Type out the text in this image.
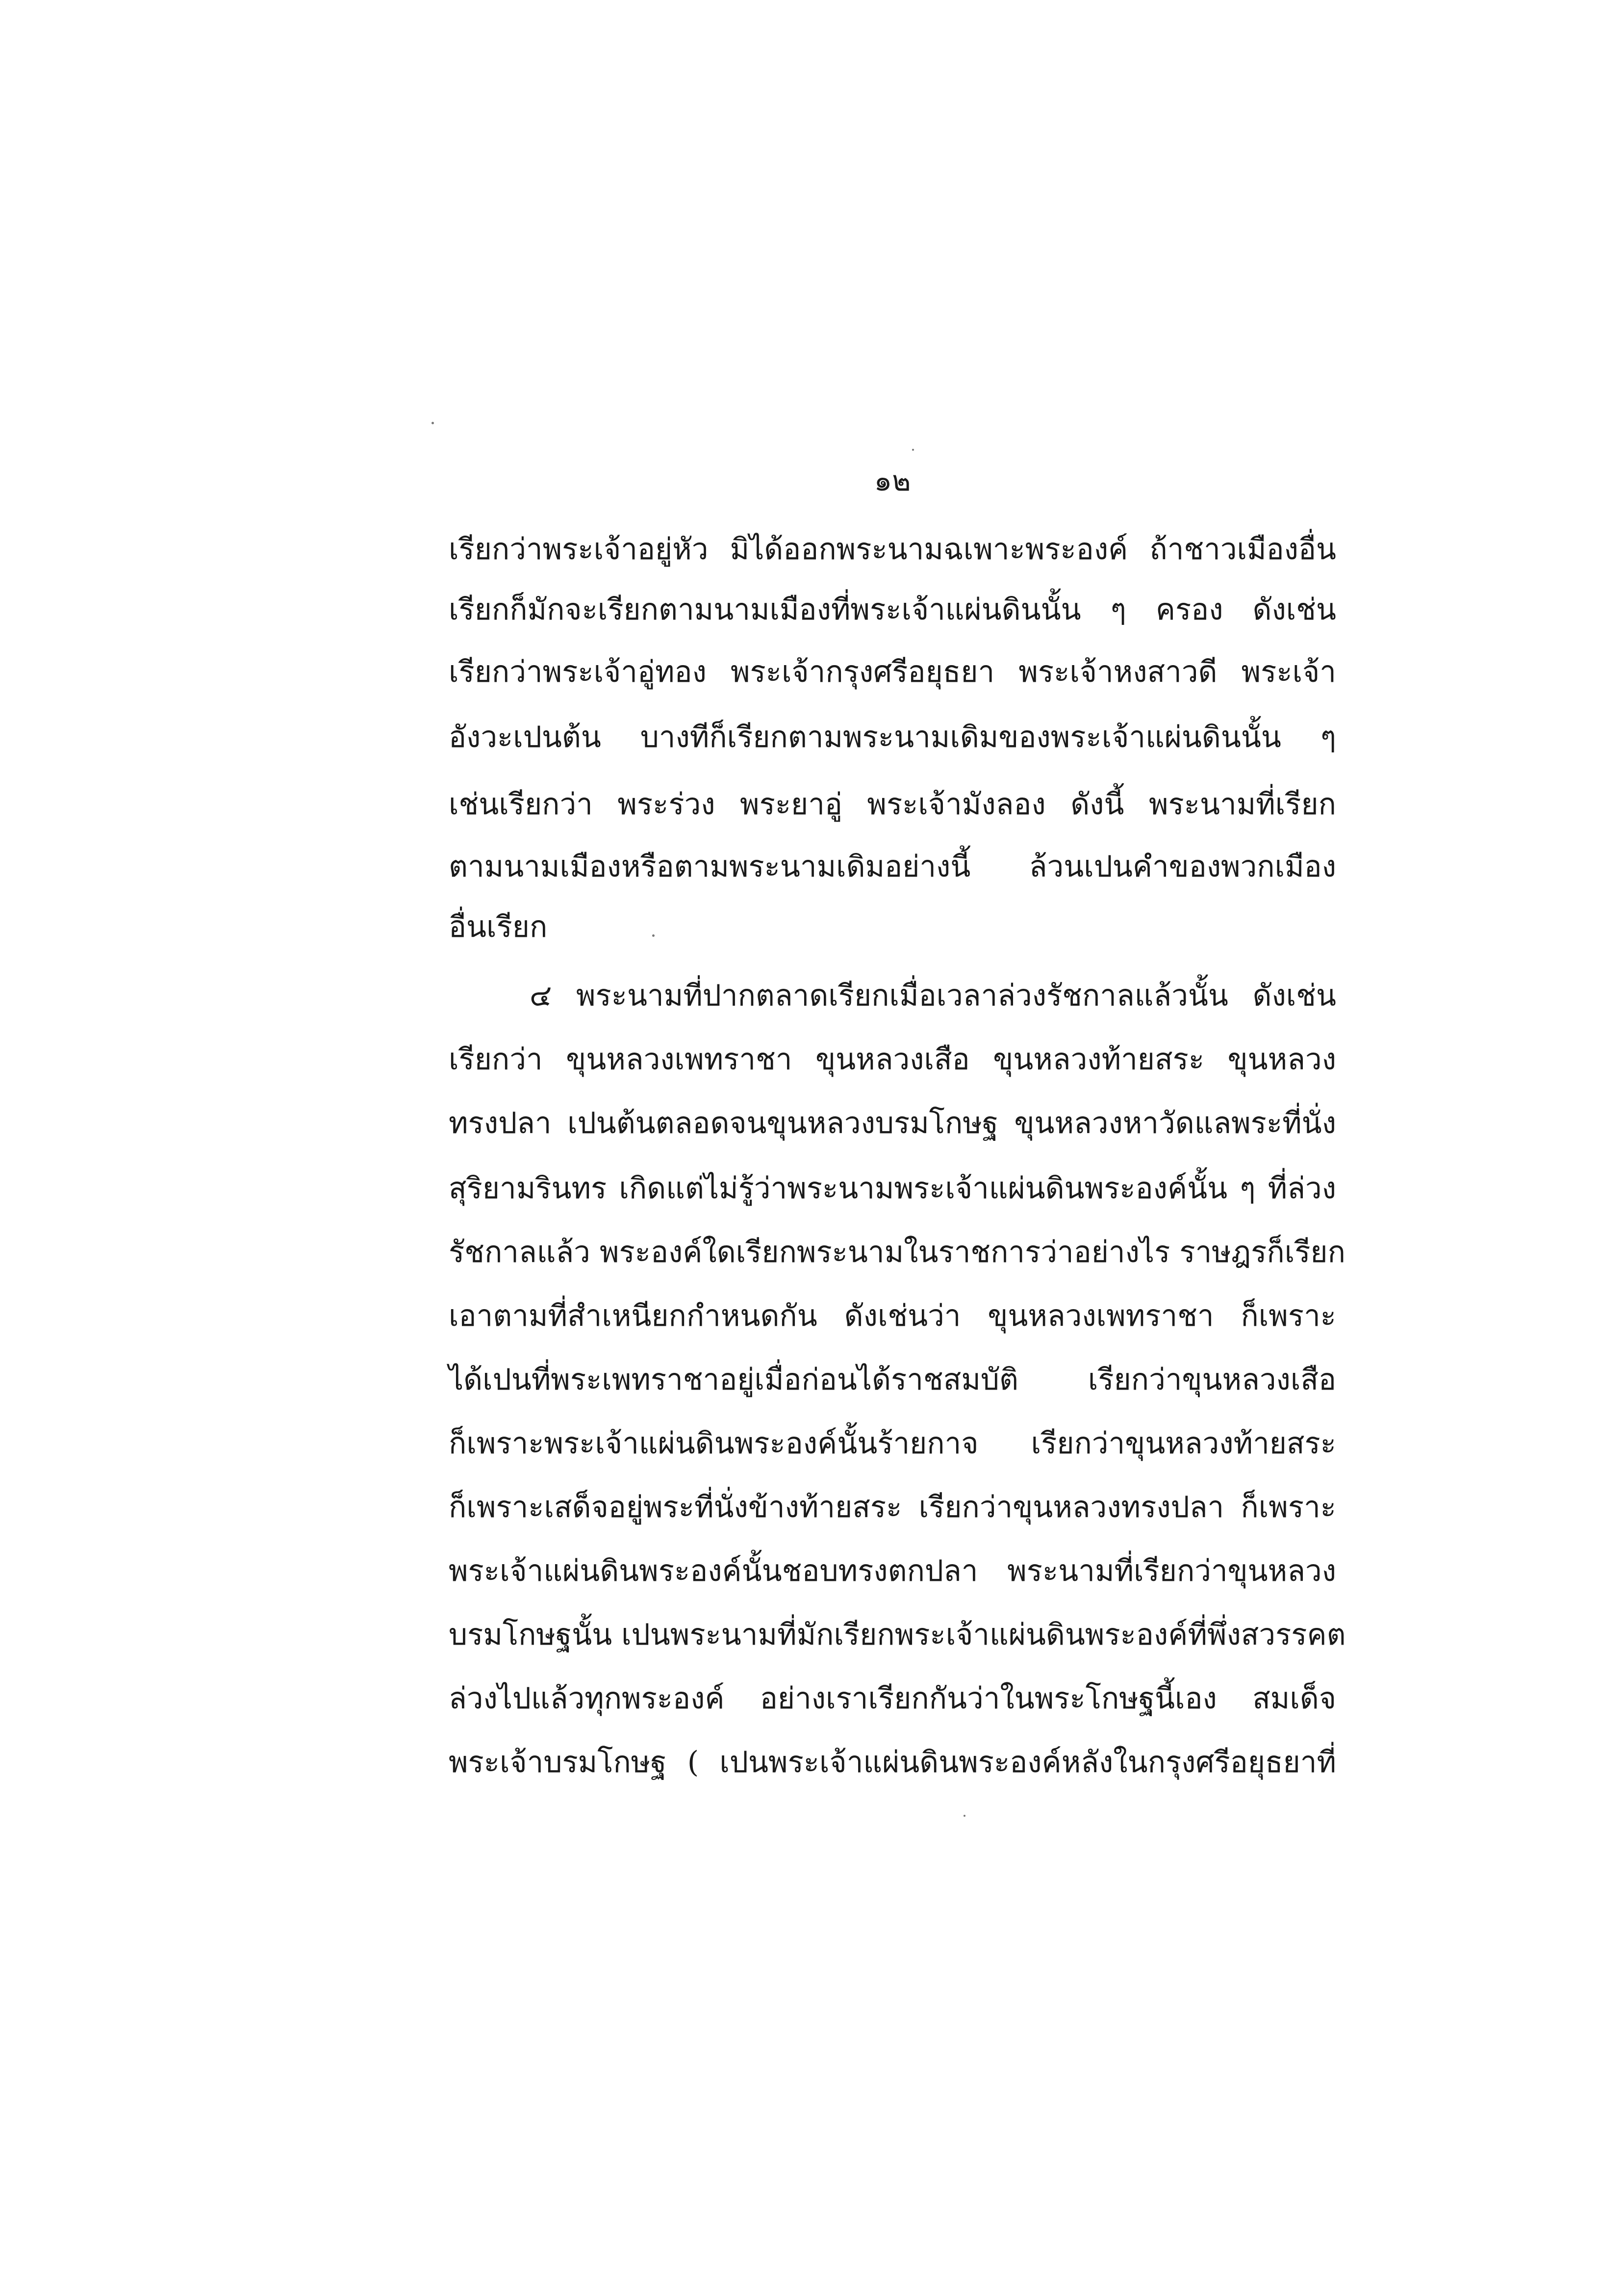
๑๒
เรียกว่าพระเจ้าอยู่หัว มิได้ออกพระนามฉเพาะพระองค์ ถ้าชาวเมืองอื่น
เรียกก็มักจะเรียกตามนามเมืองที่พระเจ้าแผ่นดินนั้น ๆ ครอง ดังเช่น
เรียกว่าพระเจ้าอู่ทอง พระเจ้ากรุงศรีอยุธยา พระเจ้าหงสาวดี พระเจ้า
อังวะเปนต้น บางทีก็เรียกตามพระนามเดิมของพระเจ้าแผ่นดินนั้น ๆ
เช่นเรียกว่า พระร่วง พระยาอู่ พระเจ้ามังลอง ดังนี้ พระนามที่เรียก
ตามนามเมืองหรือตามพระนามเดิมอย่างนี้ ล้วนเปนคำของพวกเมือง
อื่นเรียก
๔ พระนามที่ปากตลาดเรียกเมื่อเวลาล่วงรัชกาลแล้วนั้น ดังเช่น
เรียกว่า ขุนหลวงเพทราชา ขุนหลวงเสือ ขุนหลวงท้ายสระ ขุนหลวง
ทรงปลา เปนต้นตลอดจนขุนหลวงบรมโกษฐ ขุนหลวงหาวัดแลพระที่นั่ง
สุริยามรินทร เกิดแต่ไม่รู้ว่าพระนามพระเจ้าแผ่นดินพระองค์นั้น ๆ ที่ล่วง
รัชกาลแล้ว พระองค์ใดเรียกพระนามในราชการว่าอย่างไร ราษฎรก็เรียก
เอาตามที่สำเหนียกกำหนดกัน ดังเช่นว่า ขุนหลวงเพทราชา ก็เพราะ
ได้เปนที่พระเพทราชาอยู่เมื่อก่อนได้ราชสมบัติ เรียกว่าขุนหลวงเสือ
ก็เพราะพระเจ้าแผ่นดินพระองค์นั้นร้ายกาจ เรียกว่าขุนหลวงท้ายสระ
ก็เพราะเสด็จอยู่พระที่นั่งข้างท้ายสระ เรียกว่าขุนหลวงทรงปลา ก็เพราะ
พระเจ้าแผ่นดินพระองค์นั้นชอบทรงตกปลา พระนามที่เรียกว่าขุนหลวง
บรมโกษฐนั้น เปนพระนามที่มักเรียกพระเจ้าแผ่นดินพระองค์ที่พึ่งสวรรคต
ล่วงไปแล้วทุกพระองค์ อย่างเราเรียกกันว่าในพระโกษฐนี้เอง สมเด็จ
พระเจ้าบรมโกษฐ ( เปนพระเจ้าแผ่นดินพระองค์หลังในกรุงศรีอยุธยาที่
